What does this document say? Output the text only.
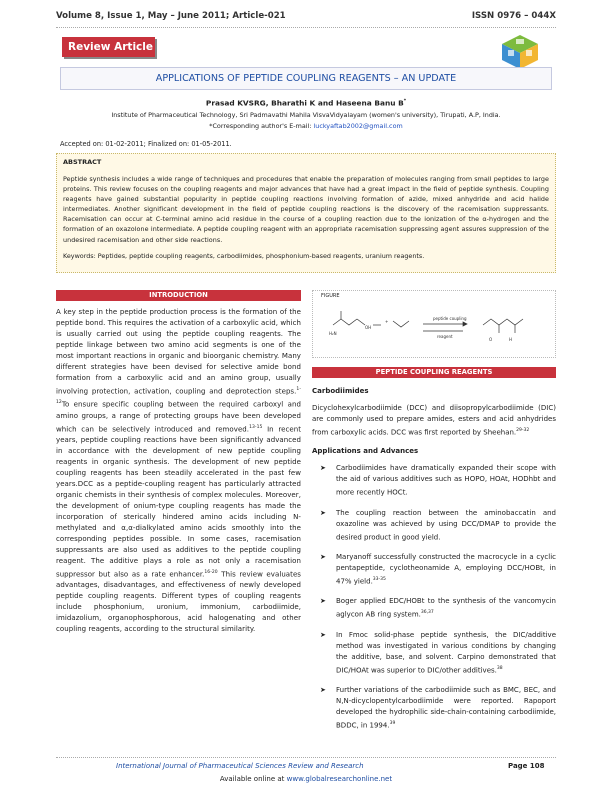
Volume 8, Issue 1, May – June 2011; Article-021	ISSN 0976 – 044X
Review Article
APPLICATIONS OF PEPTIDE COUPLING REAGENTS – AN UPDATE
Prasad KVSRG, Bharathi K and Haseena Banu B*
Institute of Pharmaceutical Technology, Sri Padmavathi Mahila VisvaVidyalayam (women's university), Tirupati, A.P, India.
*Corresponding author's E-mail: luckyaftab2002@gmail.com
Accepted on: 01-02-2011; Finalized on: 01-05-2011.
ABSTRACT
Peptide synthesis includes a wide range of techniques and procedures that enable the preparation of molecules ranging from small peptides to large proteins. This review focuses on the coupling reagents and major advances that have had a great impact in the field of peptide synthesis. Coupling reagents have gained substantial popularity in peptide coupling reactions involving formation of azide, mixed anhydride and acid halide intermediates. Another significant development in the field of peptide coupling reactions is the discovery of the racemisation suppressants. Racemisation can occur at C-terminal amino acid residue in the course of a coupling reaction due to the ionization of the α-hydrogen and the formation of an oxazolone intermediate. A peptide coupling reagent with an appropriate racemisation suppressing agent assures suppression of the undesired racemisation and other side reactions.
Keywords: Peptides, peptide coupling reagents, carbodiimides, phosphonium-based reagents, uranium reagents.
INTRODUCTION
A key step in the peptide production process is the formation of the peptide bond. This requires the activation of a carboxylic acid, which is usually carried out using the peptide coupling reagents. The peptide linkage between two amino acid segments is one of the most important reactions in organic and bioorganic chemistry. Many different strategies have been devised for selective amide bond formation from a carboxylic acid and an amino group, usually involving protection, activation, coupling and deprotection steps.$^{1-12}$To ensure specific coupling between the required carboxyl and amino groups, a range of protecting groups have been developed which can be selectively introduced and removed.$^{13-15}$ In recent years, peptide coupling reactions have been significantly advanced in accordance with the development of new peptide coupling reagents in organic synthesis. The development of new peptide coupling reagents has been steadily accelerated in the past few years.DCC as a peptide-coupling reagent has particularly attracted organic chemists in their synthesis of complex molecules. Moreover, the development of onium-type coupling reagents has made the incorporation of sterically hindered amino acids including N-methylated and α,α-dialkylated amino acids smoothly into the corresponding peptides possible. In some cases, racemisation suppressants are also used as additives to the peptide coupling reagent. The additive plays a role as not only a racemisation suppressor but also as a rate enhancer.$^{16-20}$ This review evaluates advantages, disadvantages, and effectiveness of newly developed peptide coupling reagents. Different types of coupling reagents include phosphonium, uronium, immonium, carbodiimide, imidazolium, organophosphorous, acid halogenating and other coupling reagents, according to the structural similarity.
FIGURE
H₂N
OH
+
peptide coupling
reagent
O	H
PEPTIDE COUPLING REAGENTS
Carbodiimides
Dicyclohexylcarbodiimide (DCC) and diisopropylcarbodiimide (DIC) are commonly used to prepare amides, esters and acid anhydrides from carboxylic acids. DCC was first reported by Sheehan.$^{29-32}$
Applications and Advances
➤ Carbodiimides have dramatically expanded their scope with the aid of various additives such as HOPO, HOAt, HODhbt and more recently HOCt.
➤ The coupling reaction between the aminobaccatin and oxazoline was achieved by using DCC/DMAP to provide the desired product in good yield.
➤ Maryanoff successfully constructed the macrocycle in a cyclic pentapeptide, cyclotheonamide A, employing DCC/HOBt, in 47% yield.$^{33-35}$
➤ Boger applied EDC/HOBt to the synthesis of the vancomycin aglycon AB ring system.$^{36,37}$
➤ In Fmoc solid-phase peptide synthesis, the DIC/additive method was investigated in various conditions by changing the additive, base, and solvent. Carpino demonstrated that DIC/HOAt was superior to DIC/other additives.$^{38}$
➤ Further variations of the carbodiimide such as BMC, BEC, and N,N-dicyclopentylcarbodiimide were reported. Rapoport developed the hydrophilic side-chain-containing carbodiimide, BDDC, in 1994.39
International Journal of Pharmaceutical Sciences Review and Research	Page 108
Available online at www.globalresearchonline.net
